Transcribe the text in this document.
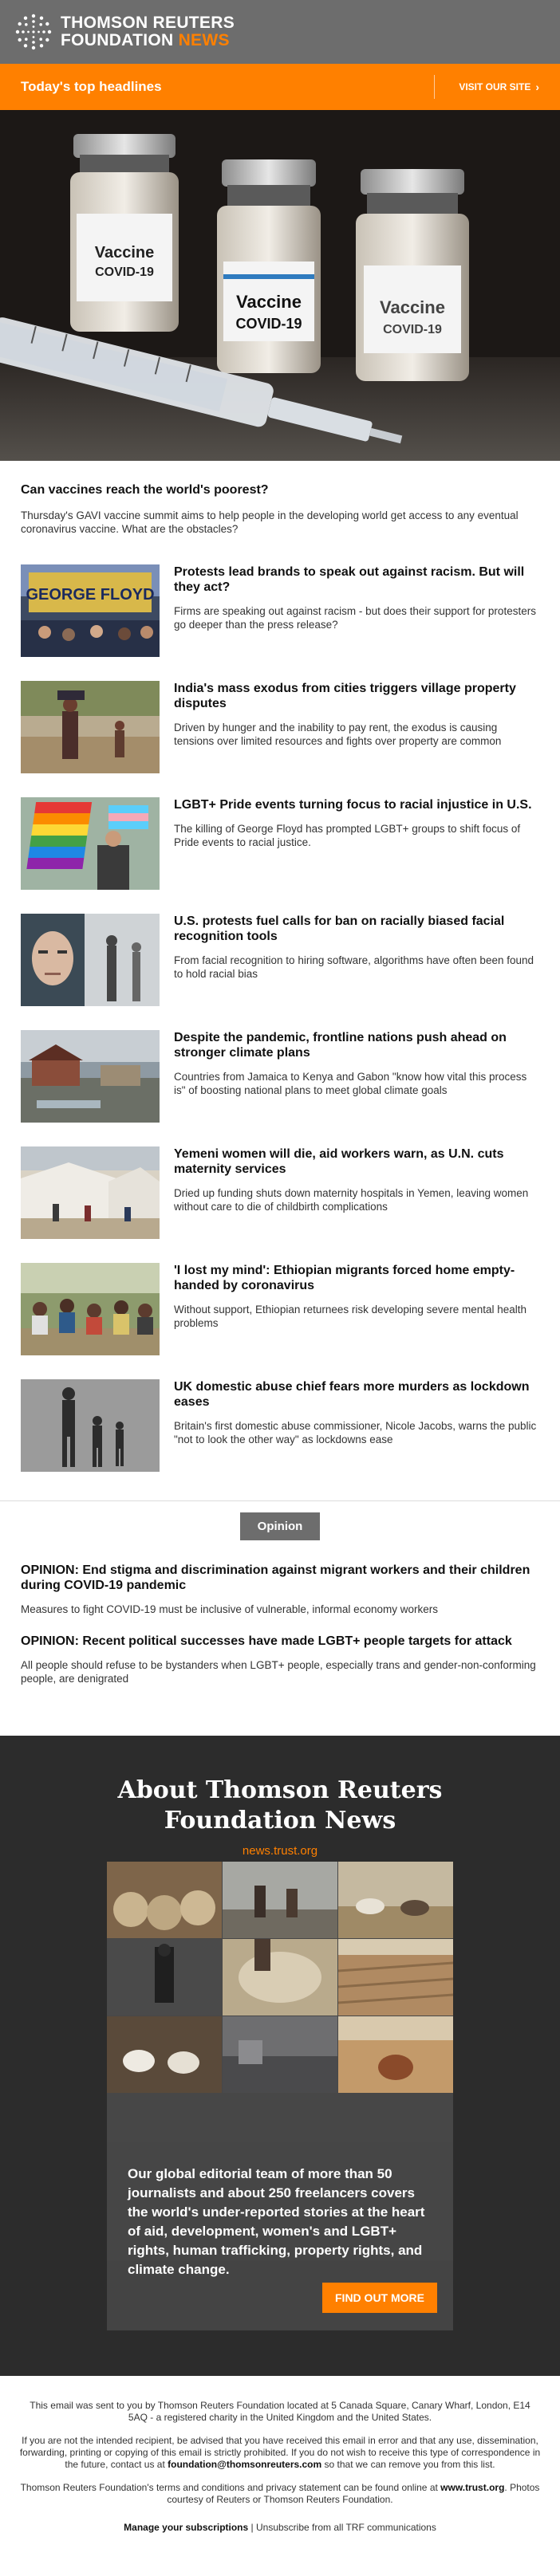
THOMSON REUTERS
FOUNDATION NEWS
Today's top headlines	VISIT OUR SITE ›
Vaccine
COVID-19
Vaccine
COVID-19
Vaccine
COVID-19
Can vaccines reach the world's poorest?

Thursday's GAVI vaccine summit aims to help people in the developing world get access to any eventual coronavirus vaccine. What are the obstacles?

GEORGE FLOYD
Protests lead brands to speak out against racism. But will they act?
Firms are speaking out against racism - but does their support for protesters go deeper than the press release?
India's mass exodus from cities triggers village property disputes
Driven by hunger and the inability to pay rent, the exodus is causing tensions over limited resources and fights over property are common
LGBT+ Pride events turning focus to racial injustice in U.S.
The killing of George Floyd has prompted LGBT+ groups to shift focus of Pride events to racial justice.
U.S. protests fuel calls for ban on racially biased facial recognition tools
From facial recognition to hiring software, algorithms have often been found to hold racial bias
Despite the pandemic, frontline nations push ahead on stronger climate plans
Countries from Jamaica to Kenya and Gabon "know how vital this process is" of boosting national plans to meet global climate goals
Yemeni women will die, aid workers warn, as U.N. cuts maternity services
Dried up funding shuts down maternity hospitals in Yemen, leaving women without care to die of childbirth complications
'I lost my mind': Ethiopian migrants forced home empty-handed by coronavirus
Without support, Ethiopian returnees risk developing severe mental health problems
UK domestic abuse chief fears more murders as lockdown eases
Britain's first domestic abuse commissioner, Nicole Jacobs, warns the public "not to look the other way" as lockdowns ease
Opinion
OPINION: End stigma and discrimination against migrant workers and their children during COVID-19 pandemic
Measures to fight COVID-19 must be inclusive of vulnerable, informal economy workers
OPINION: Recent political successes have made LGBT+ people targets for attack
All people should refuse to be bystanders when LGBT+ people, especially trans and gender-non-conforming people, are denigrated
About Thomson Reuters
Foundation News
news.trust.org
Our global editorial team of more than 50 journalists and about 250 freelancers covers the world's under-reported stories at the heart of aid, development, women's and LGBT+ rights, human trafficking, property rights, and climate change.
FIND OUT MORE

This email was sent to you by Thomson Reuters Foundation located at 5 Canada Square, Canary Wharf, London, E14 5AQ - a registered charity in the United Kingdom and the United States.

If you are not the intended recipient, be advised that you have received this email in error and that any use, dissemination, forwarding, printing or copying of this email is strictly prohibited. If you do not wish to receive this type of correspondence in the future, contact us at foundation@thomsonreuters.com so that we can remove you from this list.

Thomson Reuters Foundation's terms and conditions and privacy statement can be found online at www.trust.org. Photos courtesy of Reuters or Thomson Reuters Foundation.

Manage your subscriptions | Unsubscribe from all TRF communications
